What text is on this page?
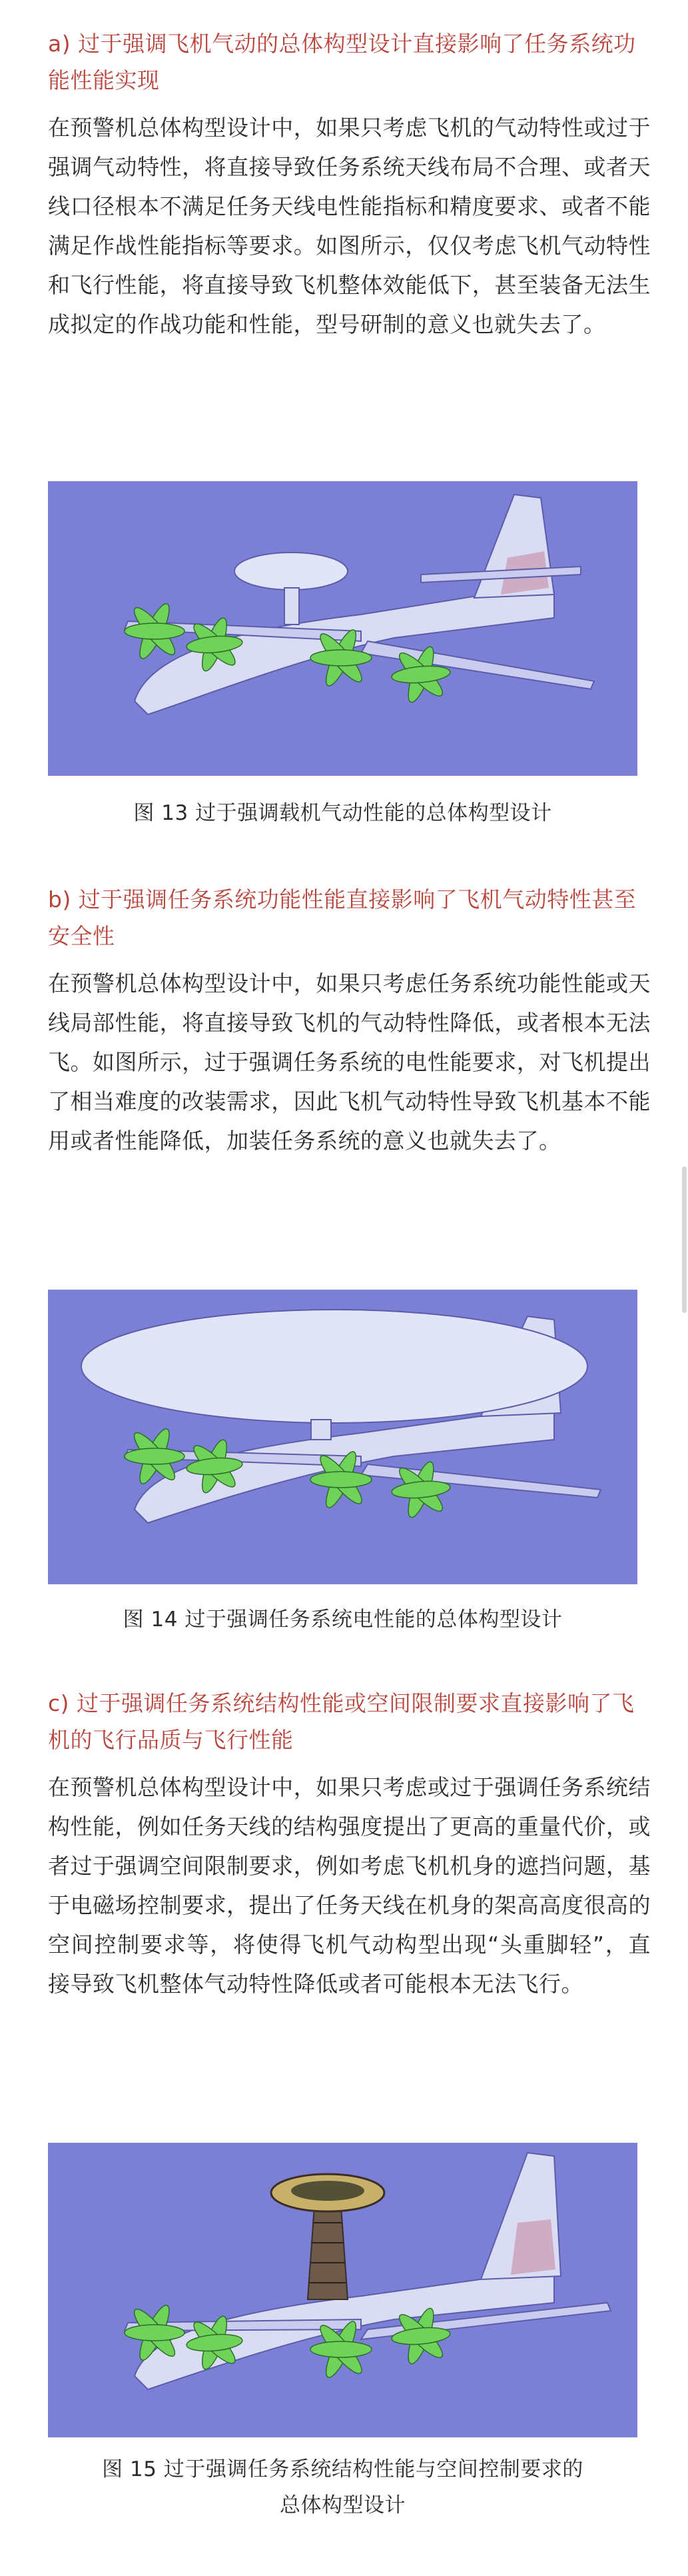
a) 过于强调飞机气动的总体构型设计直接影响了任务系统功能性能实现

在预警机总体构型设计中，如果只考虑飞机的气动特性或过于强调气动特性，将直接导致任务系统天线布局不合理、或者天线口径根本不满足任务天线电性能指标和精度要求、或者不能满足作战性能指标等要求。如图所示，仅仅考虑飞机气动特性和飞行性能，将直接导致飞机整体效能低下，甚至装备无法生成拟定的作战功能和性能，型号研制的意义也就失去了。

图 13 过于强调载机气动性能的总体构型设计

b) 过于强调任务系统功能性能直接影响了飞机气动特性甚至安全性

在预警机总体构型设计中，如果只考虑任务系统功能性能或天线局部性能，将直接导致飞机的气动特性降低，或者根本无法飞。如图所示，过于强调任务系统的电性能要求，对飞机提出了相当难度的改装需求，因此飞机气动特性导致飞机基本不能用或者性能降低，加装任务系统的意义也就失去了。

图 14 过于强调任务系统电性能的总体构型设计

c) 过于强调任务系统结构性能或空间限制要求直接影响了飞机的飞行品质与飞行性能

在预警机总体构型设计中，如果只考虑或过于强调任务系统结构性能，例如任务天线的结构强度提出了更高的重量代价，或者过于强调空间限制要求，例如考虑飞机机身的遮挡问题，基于电磁场控制要求，提出了任务天线在机身的架高高度很高的空间控制要求等，将使得飞机气动构型出现“头重脚轻”，直接导致飞机整体气动特性降低或者可能根本无法飞行。

图 15 过于强调任务系统结构性能与空间控制要求的
总体构型设计
